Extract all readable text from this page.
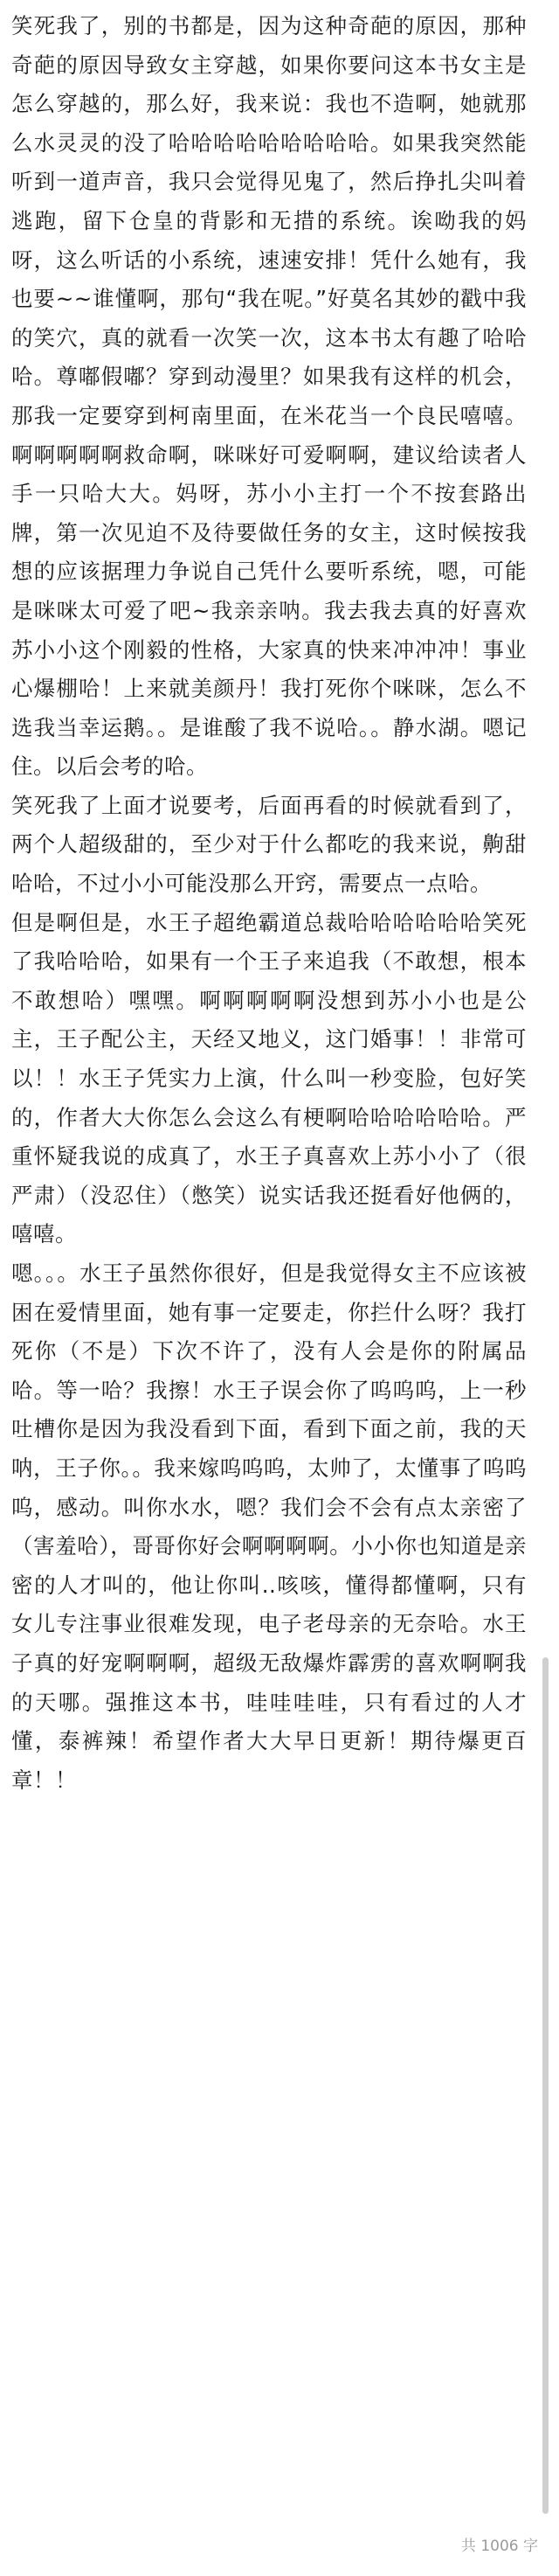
笑死我了，别的书都是，因为这种奇葩的原因，那种奇葩的原因导致女主穿越，如果你要问这本书女主是怎么穿越的，那么好，我来说：我也不造啊，她就那么水灵灵的没了哈哈哈哈哈哈哈哈哈。如果我突然能听到一道声音，我只会觉得见鬼了，然后挣扎尖叫着逃跑，留下仓皇的背影和无措的系统。诶呦我的妈呀，这么听话的小系统，速速安排！凭什么她有，我也要~~谁懂啊，那句“我在呢。”好莫名其妙的戳中我的笑穴，真的就看一次笑一次，这本书太有趣了哈哈哈。尊嘟假嘟？穿到动漫里？如果我有这样的机会，那我一定要穿到柯南里面，在米花当一个良民嘻嘻。啊啊啊啊啊救命啊，咪咪好可爱啊啊，建议给读者人手一只哈大大。妈呀，苏小小主打一个不按套路出牌，第一次见迫不及待要做任务的女主，这时候按我想的应该据理力争说自己凭什么要听系统，嗯，可能是咪咪太可爱了吧~我亲亲呐。我去我去真的好喜欢苏小小这个刚毅的性格，大家真的快来冲冲冲！事业心爆棚哈！上来就美颜丹！我打死你个咪咪，怎么不选我当幸运鹅。。是谁酸了我不说哈。。静水湖。嗯记住。以后会考的哈。

笑死我了上面才说要考，后面再看的时候就看到了，两个人超级甜的，至少对于什么都吃的我来说，齁甜哈哈，不过小小可能没那么开窍，需要点一点哈。

但是啊但是，水王子超绝霸道总裁哈哈哈哈哈哈笑死了我哈哈哈，如果有一个王子来追我（不敢想，根本不敢想哈）嘿嘿。啊啊啊啊啊没想到苏小小也是公主，王子配公主，天经又地义，这门婚事！！非常可以！！水王子凭实力上演，什么叫一秒变脸，包好笑的，作者大大你怎么会这么有梗啊哈哈哈哈哈哈。严重怀疑我说的成真了，水王子真喜欢上苏小小了（很严肃）（没忍住）（憋笑）说实话我还挺看好他俩的，嘻嘻。

嗯。。。水王子虽然你很好，但是我觉得女主不应该被困在爱情里面，她有事一定要走，你拦什么呀？我打死你（不是）下次不许了，没有人会是你的附属品哈。等一哈？我擦！水王子误会你了呜呜呜，上一秒吐槽你是因为我没看到下面，看到下面之前，我的天呐，王子你。。我来嫁呜呜呜，太帅了，太懂事了呜呜呜，感动。叫你水水，嗯？我们会不会有点太亲密了（害羞哈），哥哥你好会啊啊啊啊。小小你也知道是亲密的人才叫的，他让你叫..咳咳，懂得都懂啊，只有女儿专注事业很难发现，电子老母亲的无奈哈。水王子真的好宠啊啊啊，超级无敌爆炸霹雳的喜欢啊啊我的天哪。强推这本书，哇哇哇哇，只有看过的人才懂，泰裤辣！希望作者大大早日更新！期待爆更百章！！

共 1006 字
